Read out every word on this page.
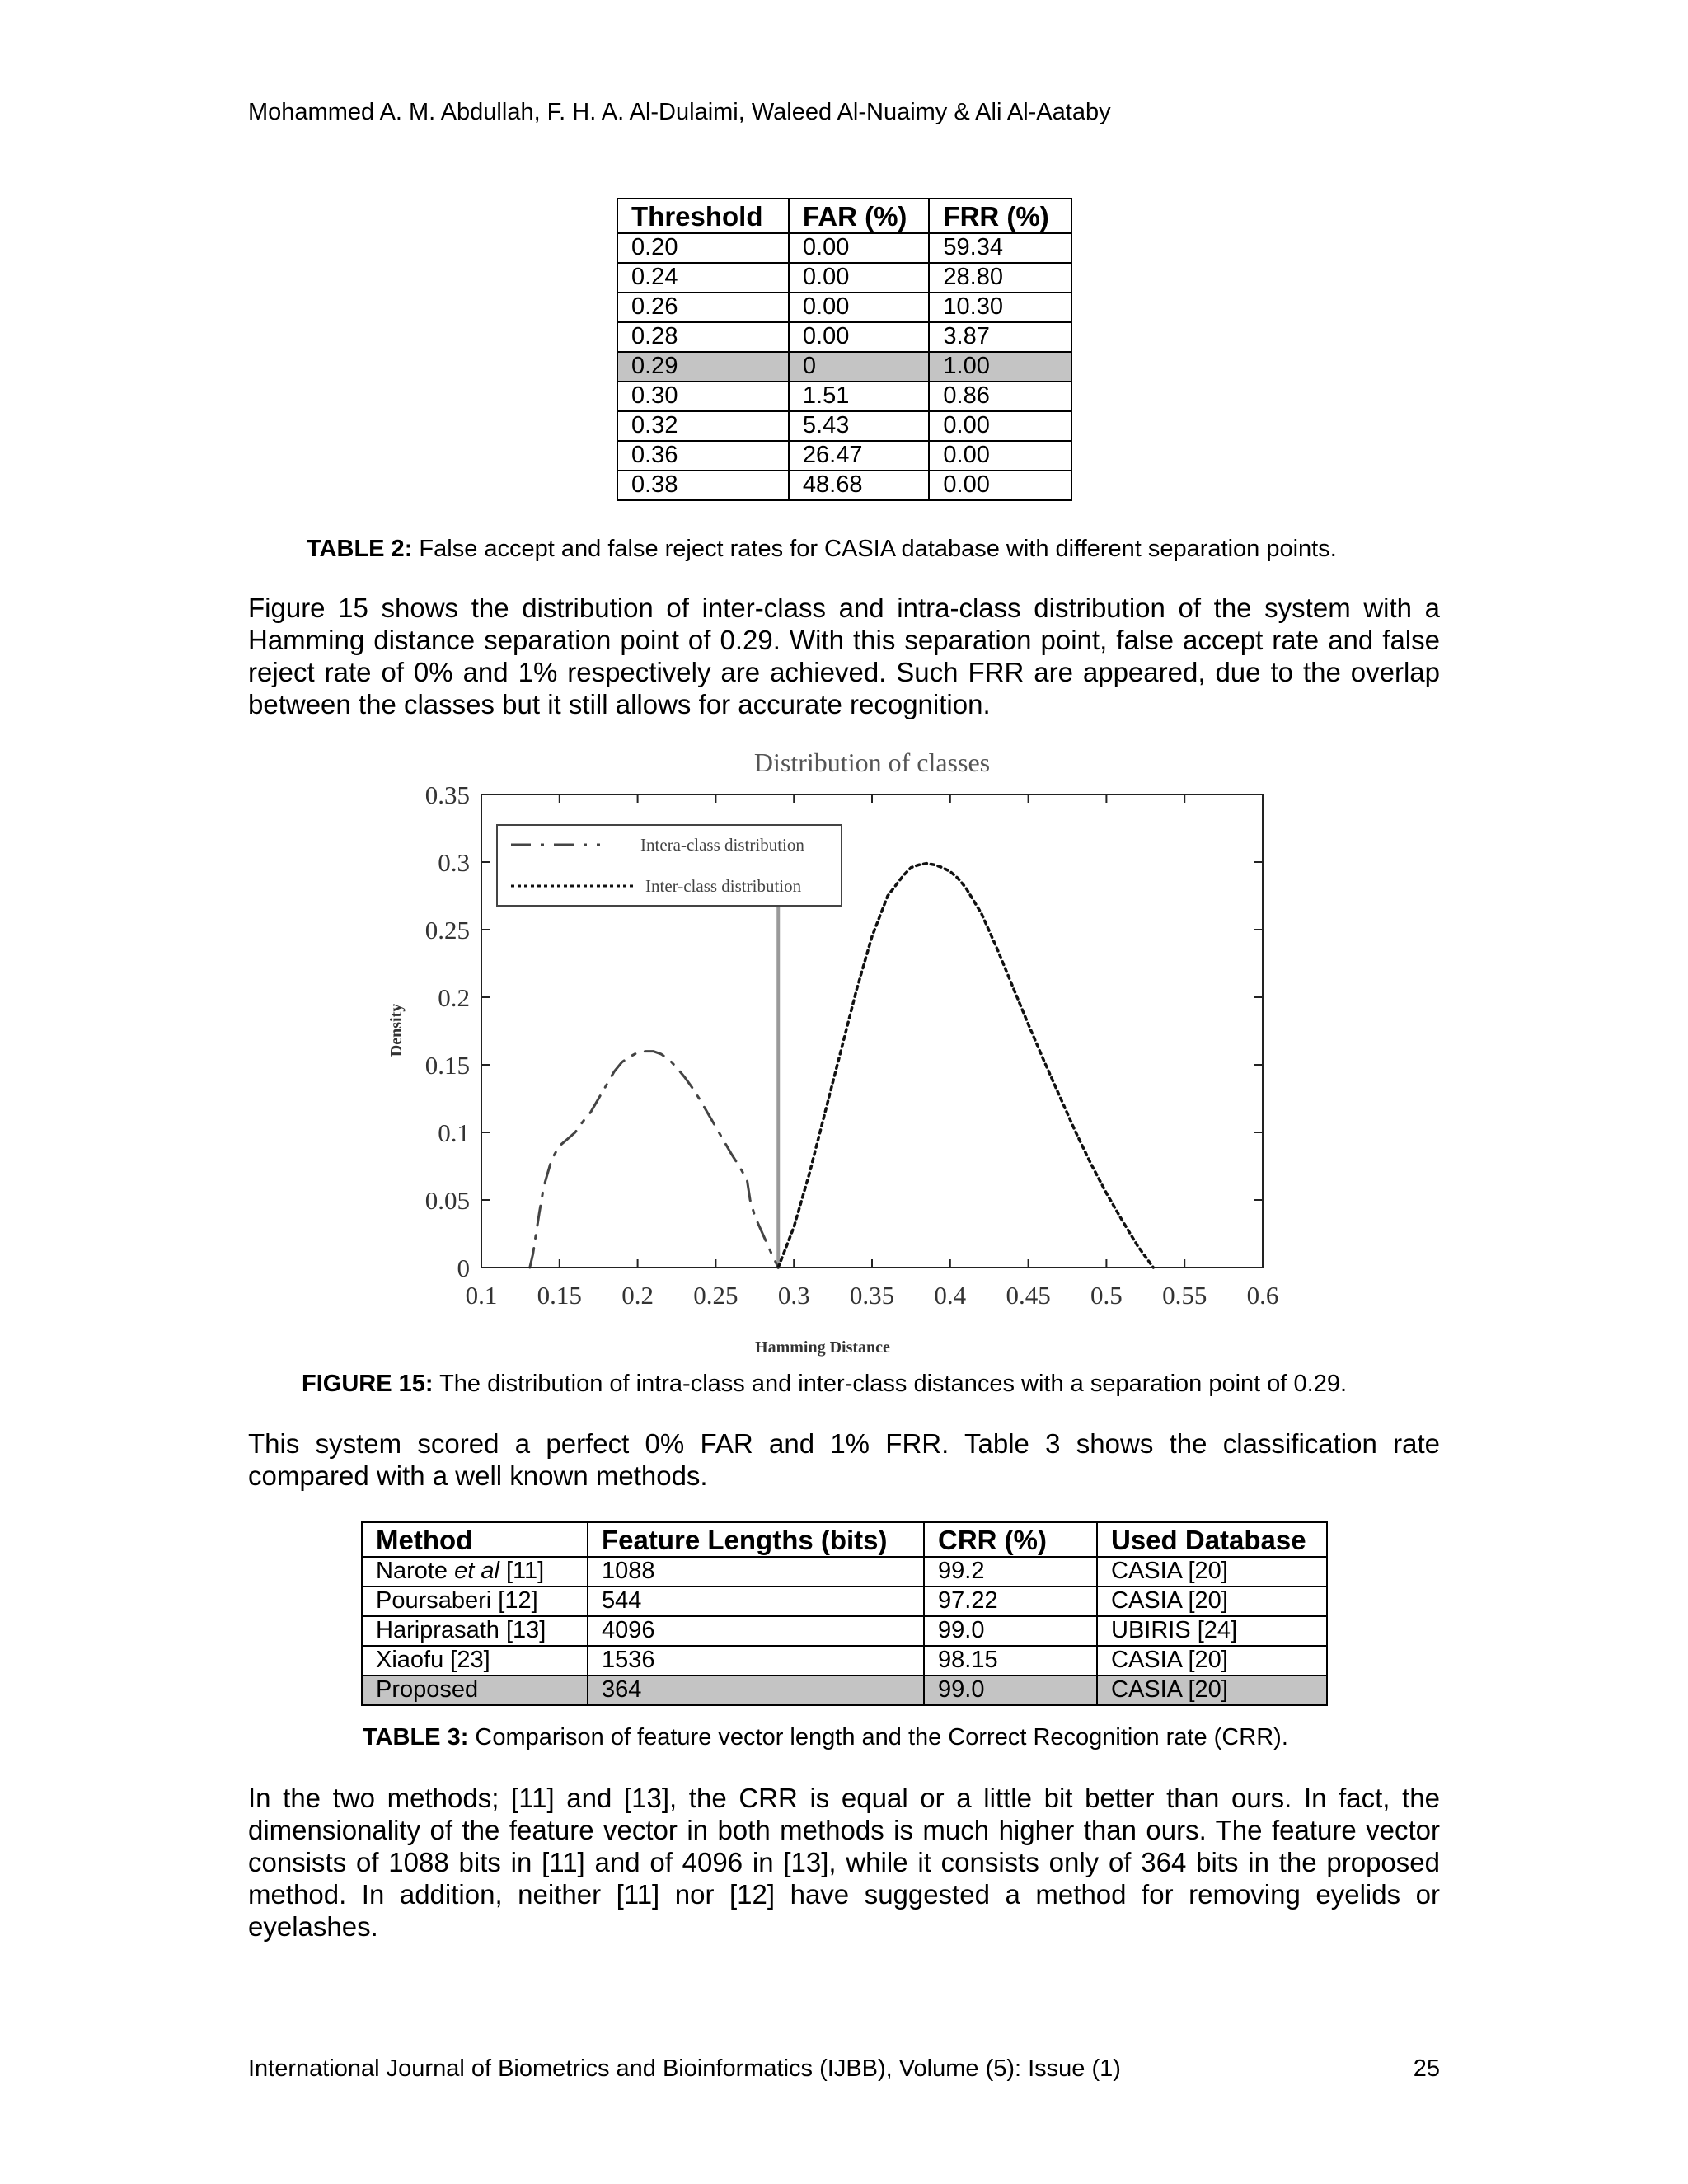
Mohammed A. M. Abdullah, F. H. A. Al-Dulaimi, Waleed Al-Nuaimy & Ali Al-Aataby
Threshold	FAR (%)	FRR (%)
0.20	0.00	59.34
0.24	0.00	28.80
0.26	0.00	10.30
0.28	0.00	3.87
0.29	0	1.00
0.30	1.51	0.86
0.32	5.43	0.00
0.36	26.47	0.00
0.38	48.68	0.00
TABLE 2: False accept and false reject rates for CASIA database with different separation points.
Figure 15 shows the distribution of inter-class and intra-class distribution of the system with a Hamming distance separation point of 0.29. With this separation point, false accept rate and false reject rate of 0% and 1% respectively are achieved. Such FRR are appeared, due to the overlap between the classes but it still allows for accurate recognition.
Distribution of classes
Density
Hamming Distance
0.1 0.15 0.2 0.25 0.3 0.35 0.4 0.45 0.5 0.55 0.6
0
0.05
0.1
0.15
0.2
0.25
0.3
0.35
Intera-class distribution
Inter-class distribution
FIGURE 15: The distribution of intra-class and inter-class distances with a separation point of 0.29.
This system scored a perfect 0% FAR and 1% FRR. Table 3 shows the classification rate compared with a well known methods.
Method	Feature Lengths (bits)	CRR (%)	Used Database
Narote et al [11]	1088	99.2	CASIA [20]
Poursaberi [12]	544	97.22	CASIA [20]
Hariprasath [13]	4096	99.0	UBIRIS [24]
Xiaofu [23]	1536	98.15	CASIA [20]
Proposed	364	99.0	CASIA [20]
TABLE 3: Comparison of feature vector length and the Correct Recognition rate (CRR).
In the two methods; [11] and [13], the CRR is equal or a little bit better than ours. In fact, the dimensionality of the feature vector in both methods is much higher than ours. The feature vector consists of 1088 bits in [11] and of 4096 in [13], while it consists only of 364 bits in the proposed method. In addition, neither [11] nor [12] have suggested a method for removing eyelids or eyelashes.
International Journal of Biometrics and Bioinformatics (IJBB), Volume (5): Issue (1)	25
